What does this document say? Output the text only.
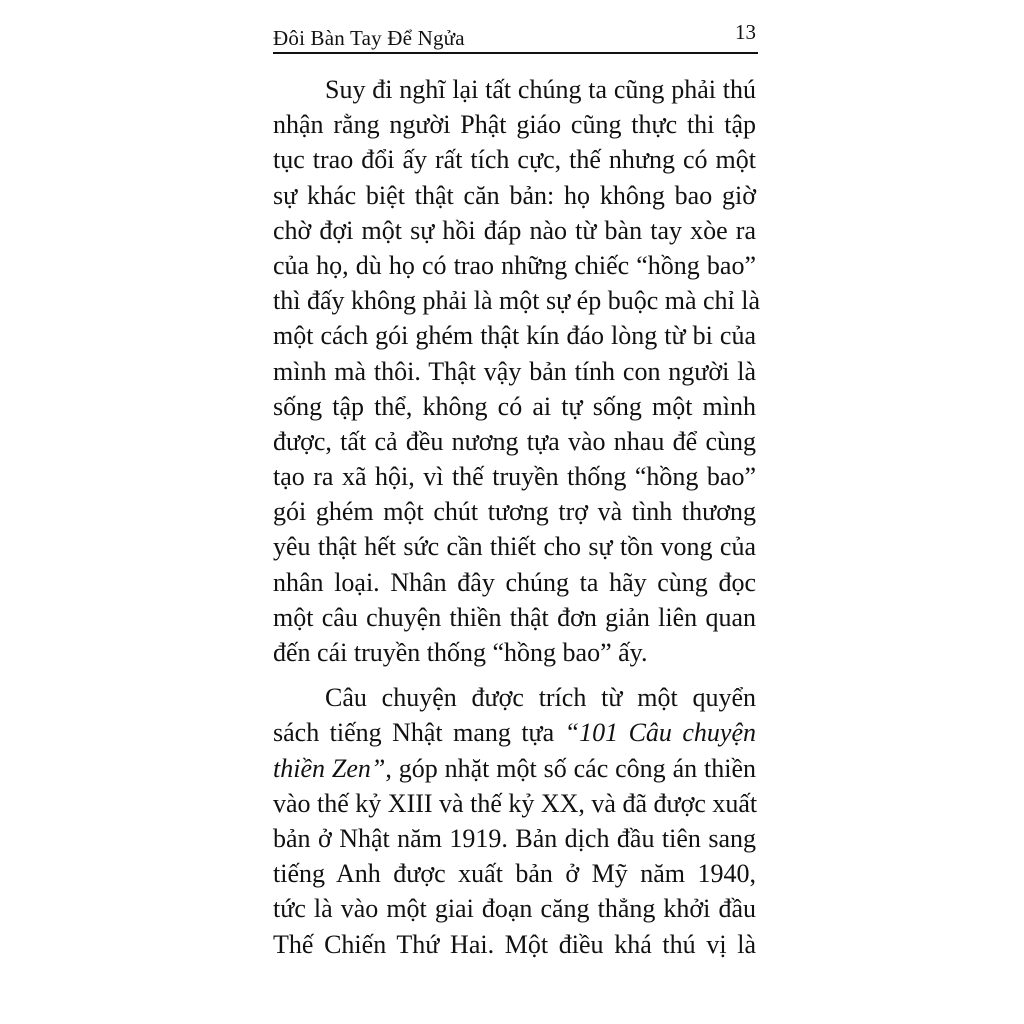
Đôi Bàn Tay Để Ngửa	13
Suy đi nghĩ lại tất chúng ta cũng phải thú
nhận rằng người Phật giáo cũng thực thi tập
tục trao đổi ấy rất tích cực, thế nhưng có một
sự khác biệt thật căn bản: họ không bao giờ
chờ đợi một sự hồi đáp nào từ bàn tay xòe ra
của họ, dù họ có trao những chiếc “hồng bao”
thì đấy không phải là một sự ép buộc mà chỉ là
một cách gói ghém thật kín đáo lòng từ bi của
mình mà thôi. Thật vậy bản tính con người là
sống tập thể, không có ai tự sống một mình
được, tất cả đều nương tựa vào nhau để cùng
tạo ra xã hội, vì thế truyền thống “hồng bao”
gói ghém một chút tương trợ và tình thương
yêu thật hết sức cần thiết cho sự tồn vong của
nhân loại. Nhân đây chúng ta hãy cùng đọc
một câu chuyện thiền thật đơn giản liên quan
đến cái truyền thống “hồng bao” ấy.
Câu chuyện được trích từ một quyển
sách tiếng Nhật mang tựa “101 Câu chuyện
thiền Zen”, góp nhặt một số các công án thiền
vào thế kỷ XIII và thế kỷ XX, và đã được xuất
bản ở Nhật năm 1919. Bản dịch đầu tiên sang
tiếng Anh được xuất bản ở Mỹ năm 1940,
tức là vào một giai đoạn căng thẳng khởi đầu
Thế Chiến Thứ Hai. Một điều khá thú vị là
